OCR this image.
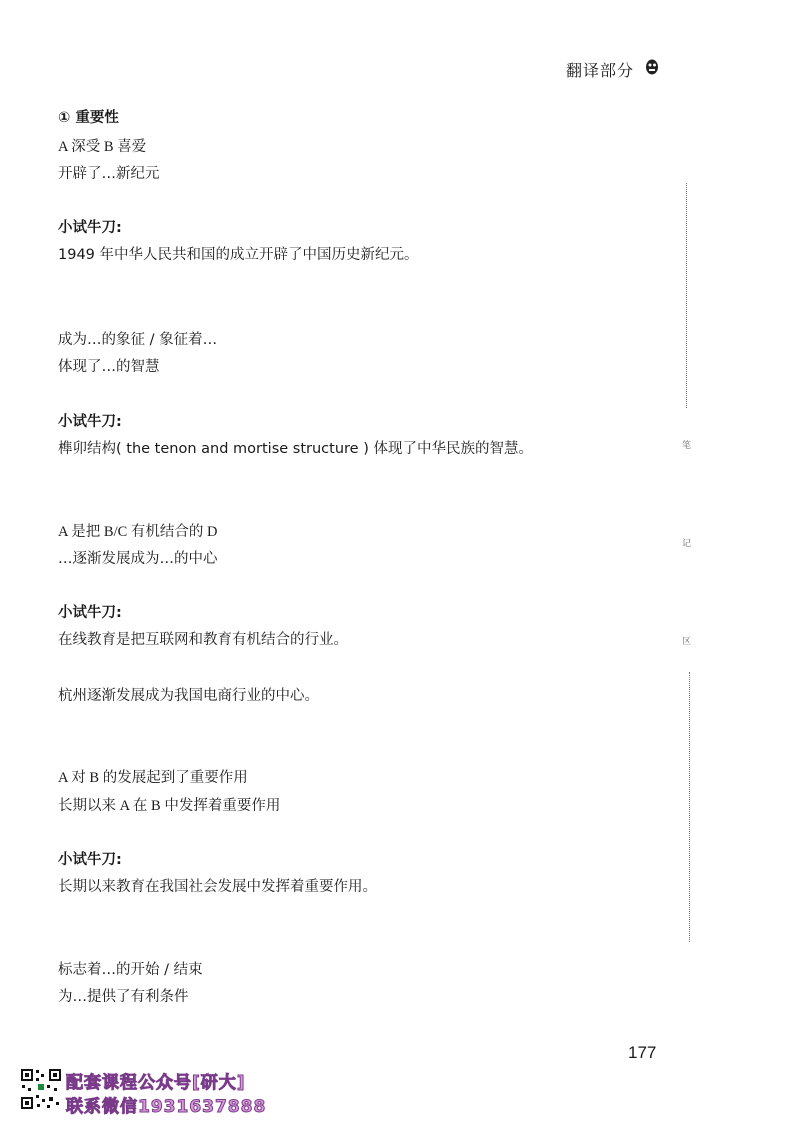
翻译部分
① 重要性
A 深受 B 喜爱
开辟了…新纪元
小试牛刀:
1949 年中华人民共和国的成立开辟了中国历史新纪元。
成为…的象征 / 象征着…
体现了…的智慧
小试牛刀:
榫卯结构( the tenon and mortise structure ) 体现了中华民族的智慧。
A 是把 B/C 有机结合的 D
…逐渐发展成为…的中心
小试牛刀:
在线教育是把互联网和教育有机结合的行业。
杭州逐渐发展成为我国电商行业的中心。
A 对 B 的发展起到了重要作用
长期以来 A 在 B 中发挥着重要作用
小试牛刀:
长期以来教育在我国社会发展中发挥着重要作用。
标志着…的开始 / 结束
为…提供了有利条件
笔
记
区
177
配套课程公众号[研大]
联系微信1931637888
